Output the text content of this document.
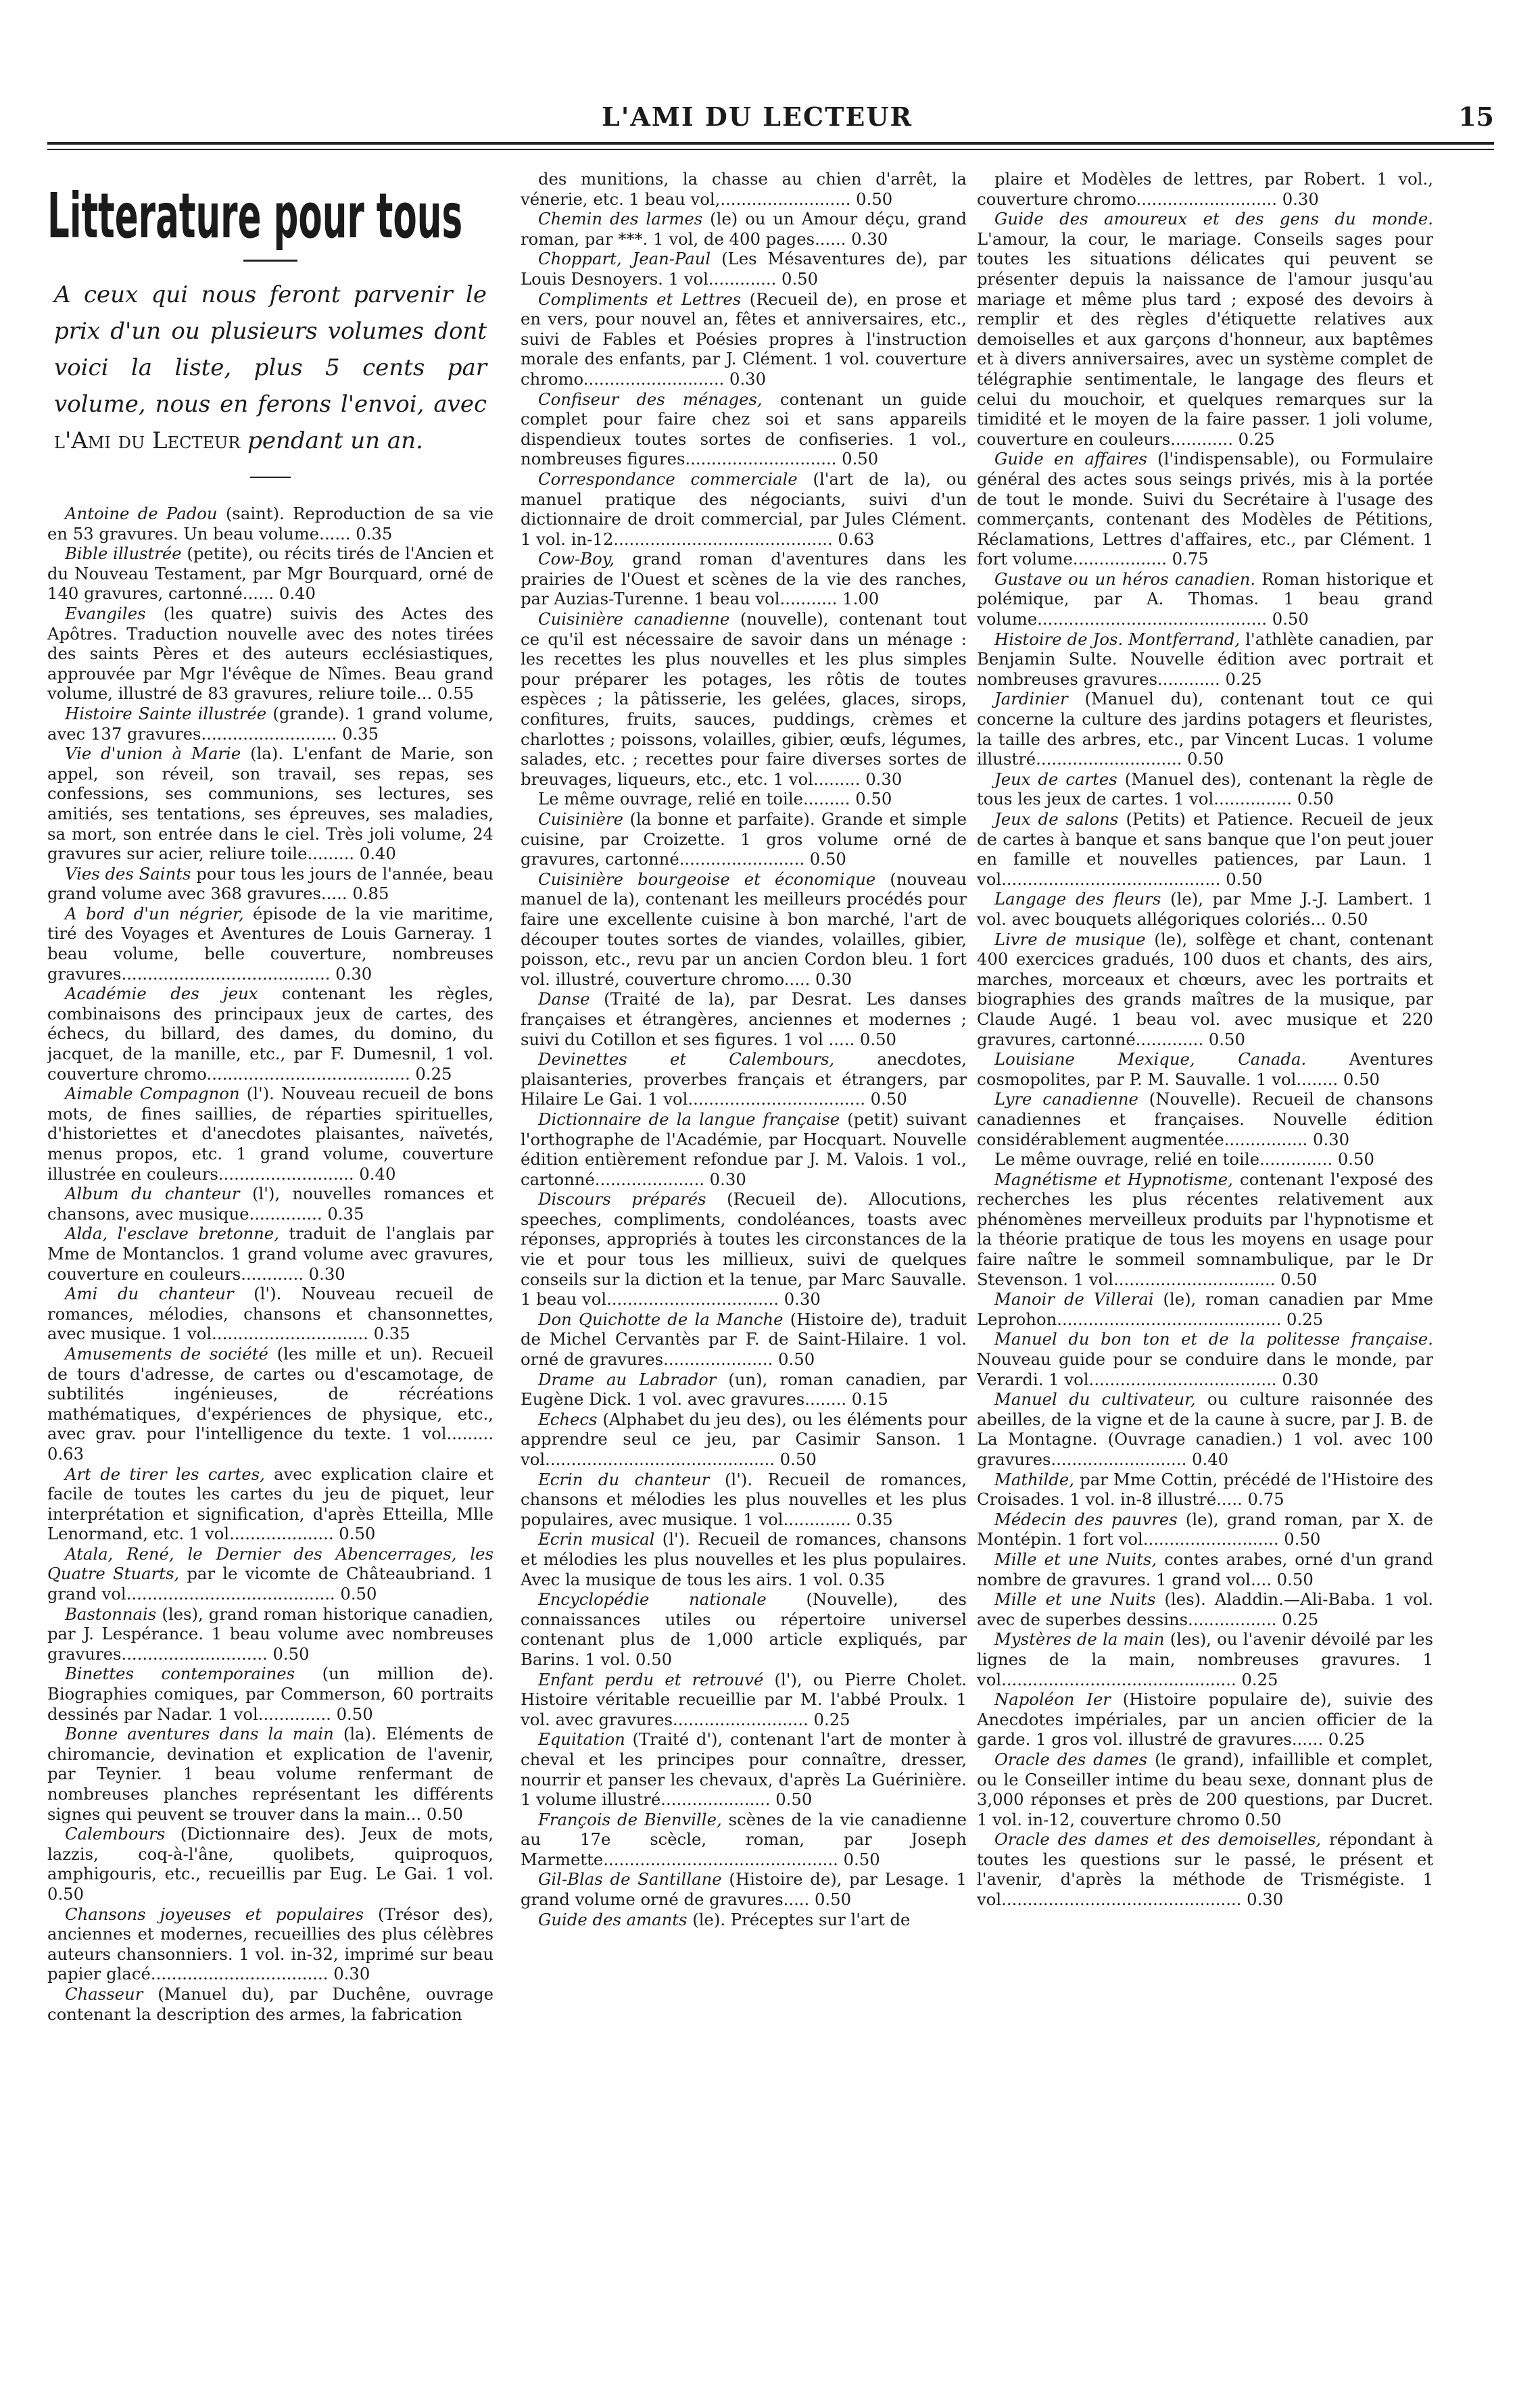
L'AMI DU LECTEUR	15
Litterature pour tous

A ceux qui nous feront parvenir le prix d'un ou plusieurs volumes dont voici la liste, plus 5 cents par volume, nous en ferons l'envoi, avec l'Ami du Lecteur pendant un an.

Antoine de Padou (saint). Reproduction de sa vie en 53 gravures. Un beau volume...... 0.35

Bible illustrée (petite), ou récits tirés de l'Ancien et du Nouveau Testament, par Mgr Bourquard, orné de 140 gravures, cartonné...... 0.40

Evangiles (les quatre) suivis des Actes des Apôtres. Traduction nouvelle avec des notes tirées des saints Pères et des auteurs ecclésiastiques, approuvée par Mgr l'évêque de Nîmes. Beau grand volume, illustré de 83 gravures, reliure toile... 0.55

Histoire Sainte illustrée (grande). 1 grand volume, avec 137 gravures.......................... 0.35

Vie d'union à Marie (la). L'enfant de Marie, son appel, son réveil, son travail, ses repas, ses confessions, ses communions, ses lectures, ses amitiés, ses tentations, ses épreuves, ses maladies, sa mort, son entrée dans le ciel. Très joli volume, 24 gravures sur acier, reliure toile......... 0.40

Vies des Saints pour tous les jours de l'année, beau grand volume avec 368 gravures..... 0.85

A bord d'un négrier, épisode de la vie maritime, tiré des Voyages et Aventures de Louis Garneray. 1 beau volume, belle couverture, nombreuses gravures........................................ 0.30

Académie des jeux contenant les règles, combinaisons des principaux jeux de cartes, des échecs, du billard, des dames, du domino, du jacquet, de la manille, etc., par F. Dumesnil, 1 vol. couverture chromo....................................... 0.25

Aimable Compagnon (l'). Nouveau recueil de bons mots, de fines saillies, de réparties spirituelles, d'historiettes et d'anecdotes plaisantes, naïvetés, menus propos, etc. 1 grand volume, couverture illustrée en couleurs.......................... 0.40

Album du chanteur (l'), nouvelles romances et chansons, avec musique.............. 0.35

Alda, l'esclave bretonne, traduit de l'anglais par Mme de Montanclos. 1 grand volume avec gravures, couverture en couleurs............ 0.30

Ami du chanteur (l'). Nouveau recueil de romances, mélodies, chansons et chansonnettes, avec musique. 1 vol.............................. 0.35

Amusements de société (les mille et un). Recueil de tours d'adresse, de cartes ou d'escamotage, de subtilités ingénieuses, de récréations mathématiques, d'expériences de physique, etc., avec grav. pour l'intelligence du texte. 1 vol......... 0.63

Art de tirer les cartes, avec explication claire et facile de toutes les cartes du jeu de piquet, leur interprétation et signification, d'après Etteilla, Mlle Lenormand, etc. 1 vol.................... 0.50

Atala, René, le Dernier des Abencerrages, les Quatre Stuarts, par le vicomte de Châteaubriand. 1 grand vol........................................ 0.50

Bastonnais (les), grand roman historique canadien, par J. Lespérance. 1 beau volume avec nombreuses gravures............................ 0.50

Binettes contemporaines (un million de). Biographies comiques, par Commerson, 60 portraits dessinés par Nadar. 1 vol.............. 0.50

Bonne aventures dans la main (la). Eléments de chiromancie, devination et explication de l'avenir, par Teynier. 1 beau volume renfermant de nombreuses planches représentant les différents signes qui peuvent se trouver dans la main... 0.50

Calembours (Dictionnaire des). Jeux de mots, lazzis, coq-à-l'âne, quolibets, quiproquos, amphigouris, etc., recueillis par Eug. Le Gai. 1 vol. 0.50

Chansons joyeuses et populaires (Trésor des), anciennes et modernes, recueillies des plus célèbres auteurs chansonniers. 1 vol. in-32, imprimé sur beau papier glacé.................................. 0.30

Chasseur (Manuel du), par Duchêne, ouvrage contenant la description des armes, la fabrication

des munitions, la chasse au chien d'arrêt, la vénerie, etc. 1 beau vol,......................... 0.50

Chemin des larmes (le) ou un Amour déçu, grand roman, par ***. 1 vol, de 400 pages...... 0.30

Choppart, Jean-Paul (Les Mésaventures de), par Louis Desnoyers. 1 vol............. 0.50

Compliments et Lettres (Recueil de), en prose et en vers, pour nouvel an, fêtes et anniversaires, etc., suivi de Fables et Poésies propres à l'instruction morale des enfants, par J. Clément. 1 vol. couverture chromo........................... 0.30

Confiseur des ménages, contenant un guide complet pour faire chez soi et sans appareils dispendieux toutes sortes de confiseries. 1 vol., nombreuses figures............................. 0.50

Correspondance commerciale (l'art de la), ou manuel pratique des négociants, suivi d'un dictionnaire de droit commercial, par Jules Clément. 1 vol. in-12.......................................... 0.63

Cow-Boy, grand roman d'aventures dans les prairies de l'Ouest et scènes de la vie des ranches, par Auzias-Turenne. 1 beau vol........... 1.00

Cuisinière canadienne (nouvelle), contenant tout ce qu'il est nécessaire de savoir dans un ménage : les recettes les plus nouvelles et les plus simples pour préparer les potages, les rôtis de toutes espèces ; la pâtisserie, les gelées, glaces, sirops, confitures, fruits, sauces, puddings, crèmes et charlottes ; poissons, volailles, gibier, œufs, légumes, salades, etc. ; recettes pour faire diverses sortes de breuvages, liqueurs, etc., etc. 1 vol......... 0.30

Le même ouvrage, relié en toile......... 0.50

Cuisinière (la bonne et parfaite). Grande et simple cuisine, par Croizette. 1 gros volume orné de gravures, cartonné........................ 0.50

Cuisinière bourgeoise et économique (nouveau manuel de la), contenant les meilleurs procédés pour faire une excellente cuisine à bon marché, l'art de découper toutes sortes de viandes, volailles, gibier, poisson, etc., revu par un ancien Cordon bleu. 1 fort vol. illustré, couverture chromo..... 0.30

Danse (Traité de la), par Desrat. Les danses françaises et étrangères, anciennes et modernes ; suivi du Cotillon et ses figures. 1 vol ..... 0.50

Devinettes et Calembours, anecdotes, plaisanteries, proverbes français et étrangers, par Hilaire Le Gai. 1 vol.................................. 0.50

Dictionnaire de la langue française (petit) suivant l'orthographe de l'Académie, par Hocquart. Nouvelle édition entièrement refondue par J. M. Valois. 1 vol., cartonné..................... 0.30

Discours préparés (Recueil de). Allocutions, speeches, compliments, condoléances, toasts avec réponses, appropriés à toutes les circonstances de la vie et pour tous les millieux, suivi de quelques conseils sur la diction et la tenue, par Marc Sauvalle. 1 beau vol................................. 0.30

Don Quichotte de la Manche (Histoire de), traduit de Michel Cervantès par F. de Saint-Hilaire. 1 vol. orné de gravures..................... 0.50

Drame au Labrador (un), roman canadien, par Eugène Dick. 1 vol. avec gravures........ 0.15

Echecs (Alphabet du jeu des), ou les éléments pour apprendre seul ce jeu, par Casimir Sanson. 1 vol............................................ 0.50

Ecrin du chanteur (l'). Recueil de romances, chansons et mélodies les plus nouvelles et les plus populaires, avec musique. 1 vol............. 0.35

Ecrin musical (l'). Recueil de romances, chansons et mélodies les plus nouvelles et les plus populaires. Avec la musique de tous les airs. 1 vol. 0.35

Encyclopédie nationale (Nouvelle), des connaissances utiles ou répertoire universel contenant plus de 1,000 article expliqués, par Barins. 1 vol. 0.50

Enfant perdu et retrouvé (l'), ou Pierre Cholet. Histoire véritable recueillie par M. l'abbé Proulx. 1 vol. avec gravures.......................... 0.25

Equitation (Traité d'), contenant l'art de monter à cheval et les principes pour connaître, dresser, nourrir et panser les chevaux, d'après La Guérinière. 1 volume illustré..................... 0.50

François de Bienville, scènes de la vie canadienne au 17e scècle, roman, par Joseph Marmette............................................. 0.50

Gil-Blas de Santillane (Histoire de), par Lesage. 1 grand volume orné de gravures..... 0.50

Guide des amants (le). Préceptes sur l'art de

plaire et Modèles de lettres, par Robert. 1 vol., couverture chromo........................... 0.30

Guide des amoureux et des gens du monde. L'amour, la cour, le mariage. Conseils sages pour toutes les situations délicates qui peuvent se présenter depuis la naissance de l'amour jusqu'au mariage et même plus tard ; exposé des devoirs à remplir et des règles d'étiquette relatives aux demoiselles et aux garçons d'honneur, aux baptêmes et à divers anniversaires, avec un système complet de télégraphie sentimentale, le langage des fleurs et celui du mouchoir, et quelques remarques sur la timidité et le moyen de la faire passer. 1 joli volume, couverture en couleurs............ 0.25

Guide en affaires (l'indispensable), ou Formulaire général des actes sous seings privés, mis à la portée de tout le monde. Suivi du Secrétaire à l'usage des commerçants, contenant des Modèles de Pétitions, Réclamations, Lettres d'affaires, etc., par Clément. 1 fort volume.................. 0.75

Gustave ou un héros canadien. Roman historique et polémique, par A. Thomas. 1 beau grand volume............................................ 0.50

Histoire de Jos. Montferrand, l'athlète canadien, par Benjamin Sulte. Nouvelle édition avec portrait et nombreuses gravures............ 0.25

Jardinier (Manuel du), contenant tout ce qui concerne la culture des jardins potagers et fleuristes, la taille des arbres, etc., par Vincent Lucas. 1 volume illustré............................ 0.50

Jeux de cartes (Manuel des), contenant la règle de tous les jeux de cartes. 1 vol............... 0.50

Jeux de salons (Petits) et Patience. Recueil de jeux de cartes à banque et sans banque que l'on peut jouer en famille et nouvelles patiences, par Laun. 1 vol.......................................... 0.50

Langage des fleurs (le), par Mme J.-J. Lambert. 1 vol. avec bouquets allégoriques coloriés... 0.50

Livre de musique (le), solfège et chant, contenant 400 exercices gradués, 100 duos et chants, des airs, marches, morceaux et chœurs, avec les portraits et biographies des grands maîtres de la musique, par Claude Augé. 1 beau vol. avec musique et 220 gravures, cartonné............. 0.50

Louisiane Mexique, Canada. Aventures cosmopolites, par P. M. Sauvalle. 1 vol........ 0.50

Lyre canadienne (Nouvelle). Recueil de chansons canadiennes et françaises. Nouvelle édition considérablement augmentée................ 0.30

Le même ouvrage, relié en toile.............. 0.50

Magnétisme et Hypnotisme, contenant l'exposé des recherches les plus récentes relativement aux phénomènes merveilleux produits par l'hypnotisme et la théorie pratique de tous les moyens en usage pour faire naître le sommeil somnambulique, par le Dr Stevenson. 1 vol............................... 0.50

Manoir de Villerai (le), roman canadien par Mme Leprohon........................................... 0.25

Manuel du bon ton et de la politesse française. Nouveau guide pour se conduire dans le monde, par Verardi. 1 vol.................................... 0.30

Manuel du cultivateur, ou culture raisonnée des abeilles, de la vigne et de la caune à sucre, par J. B. de La Montagne. (Ouvrage canadien.) 1 vol. avec 100 gravures.......................... 0.40

Mathilde, par Mme Cottin, précédé de l'Histoire des Croisades. 1 vol. in-8 illustré..... 0.75

Médecin des pauvres (le), grand roman, par X. de Montépin. 1 fort vol.......................... 0.50

Mille et une Nuits, contes arabes, orné d'un grand nombre de gravures. 1 grand vol.... 0.50

Mille et une Nuits (les). Aladdin.—Ali-Baba. 1 vol. avec de superbes dessins................. 0.25

Mystères de la main (les), ou l'avenir dévoilé par les lignes de la main, nombreuses gravures. 1 vol............................................. 0.25

Napoléon Ier (Histoire populaire de), suivie des Anecdotes impériales, par un ancien officier de la garde. 1 gros vol. illustré de gravures...... 0.25

Oracle des dames (le grand), infaillible et complet, ou le Conseiller intime du beau sexe, donnant plus de 3,000 réponses et près de 200 questions, par Ducret. 1 vol. in-12, couverture chromo 0.50

Oracle des dames et des demoiselles, répondant à toutes les questions sur le passé, le présent et l'avenir, d'après la méthode de Trismégiste. 1 vol.............................................. 0.30
